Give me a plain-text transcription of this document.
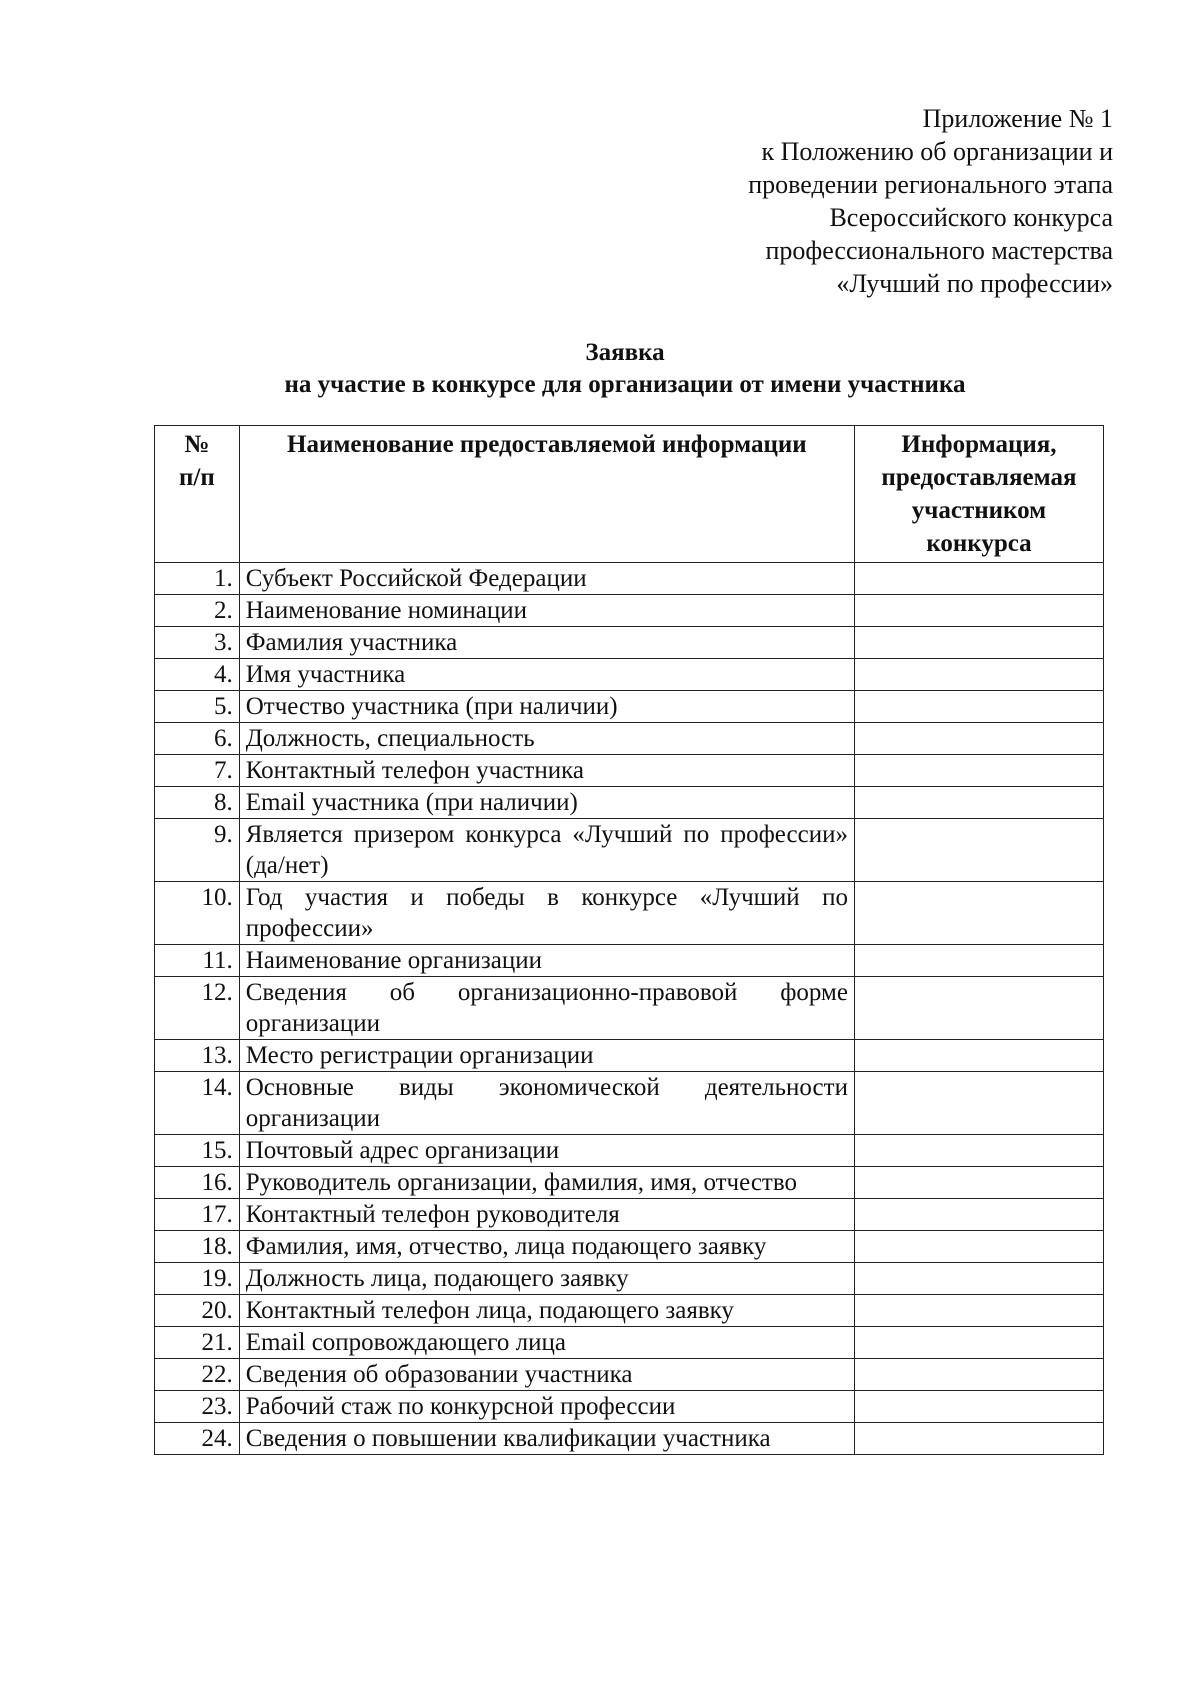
Приложение № 1
к Положению об организации и
проведении регионального этапа
Всероссийского конкурса
профессионального мастерства
«Лучший по профессии»
Заявка
на участие в конкурсе для организации от имени участника
№
п/п	Наименование предоставляемой информации	Информация, предоставляемая участником конкурса
1.	Субъект Российской Федерации	
2.	Наименование номинации	
3.	Фамилия участника	
4.	Имя участника	
5.	Отчество участника (при наличии)	
6.	Должность, специальность	
7.	Контактный телефон участника	
8.	Email участника (при наличии)	
9.	Является призером конкурса «Лучший по профессии» (да/нет)	
10.	Год участия и победы в конкурсе «Лучший по профессии»	
11.	Наименование организации	
12.	Сведения об организационно-правовой форме организации	
13.	Место регистрации организации	
14.	Основные виды экономической деятельности организации	
15.	Почтовый адрес организации	
16.	Руководитель организации, фамилия, имя, отчество	
17.	Контактный телефон руководителя	
18.	Фамилия, имя, отчество, лица подающего заявку	
19.	Должность лица, подающего заявку	
20.	Контактный телефон лица, подающего заявку	
21.	Email сопровождающего лица	
22.	Сведения об образовании участника	
23.	Рабочий стаж по конкурсной профессии	
24.	Сведения о повышении квалификации участника	
